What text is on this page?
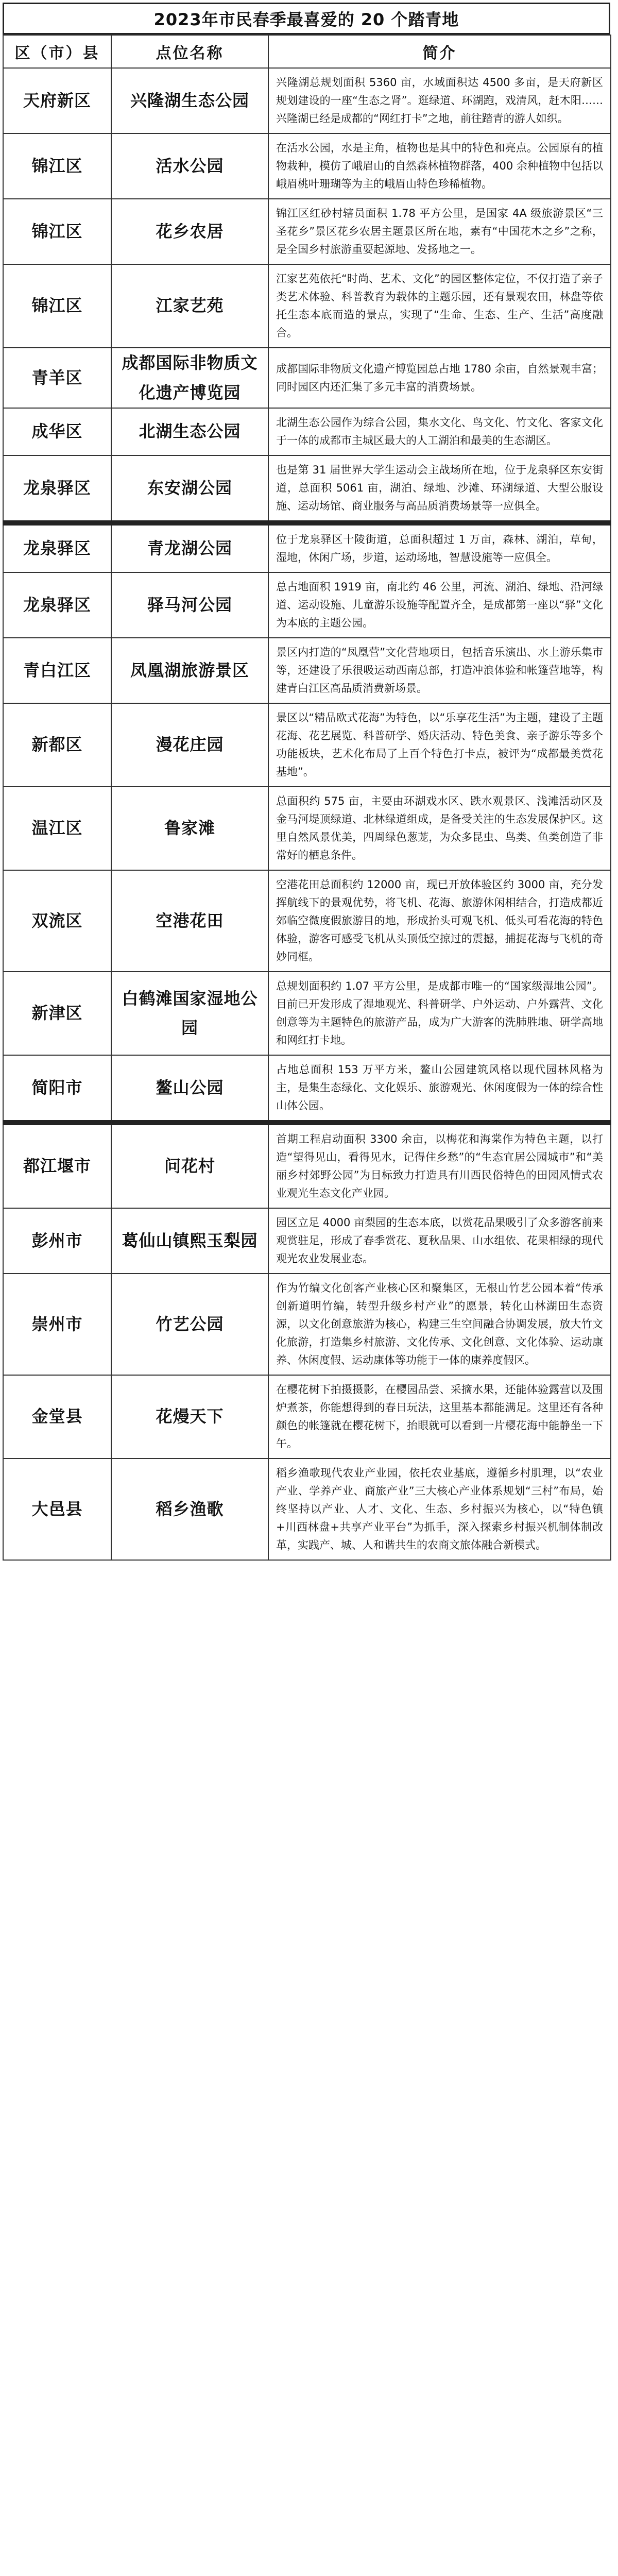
2023年市民春季最喜爱的 20 个踏青地
区（市）县	点位名称	简介
天府新区	兴隆湖生态公园	兴隆湖总规划面积 5360 亩，水域面积达 4500 多亩，是天府新区规划建设的一座“生态之肾”。逛绿道、环湖跑，戏清风，赶木阳……兴隆湖已经是成都的“网红打卡”之地，前往踏青的游人如织。
锦江区	活水公园	在活水公园，水是主角，植物也是其中的特色和亮点。公园原有的植物栽种，模仿了峨眉山的自然森林植物群落，400 余种植物中包括以峨眉桃叶珊瑚等为主的峨眉山特色珍稀植物。
锦江区	花乡农居	锦江区红砂村辖员面积 1.78 平方公里，是国家 4A 级旅游景区“三圣花乡”景区花乡农居主题景区所在地，素有“中国花木之乡”之称，是全国乡村旅游重要起源地、发扬地之一。
锦江区	江家艺苑	江家艺苑依托“时尚、艺术、文化”的园区整体定位，不仅打造了亲子类艺术体验、科普教育为载体的主题乐园，还有景观农田，林盘等依托生态本底而造的景点，实现了“生命、生态、生产、生活”高度融合。
青羊区	成都国际非物质文化遗产博览园	成都国际非物质文化遗产博览园总占地 1780 余亩，自然景观丰富；同时园区内还汇集了多元丰富的消费场景。
成华区	北湖生态公园	北湖生态公园作为综合公园，集水文化、鸟文化、竹文化、客家文化于一体的成都市主城区最大的人工湖泊和最美的生态湖区。
龙泉驿区	东安湖公园	也是第 31 届世界大学生运动会主战场所在地，位于龙泉驿区东安街道，总面积 5061 亩，湖泊、绿地、沙滩、环湖绿道、大型公服设施、运动场馆、商业服务与高品质消费场景等一应俱全。
龙泉驿区	青龙湖公园	位于龙泉驿区十陵街道，总面积超过 1 万亩，森林、湖泊，草甸，湿地，休闲广场，步道，运动场地，智慧设施等一应俱全。
龙泉驿区	驿马河公园	总占地面积 1919 亩，南北约 46 公里，河流、湖泊、绿地、沿河绿道、运动设施、儿童游乐设施等配置齐全，是成都第一座以“驿”文化为本底的主题公园。
青白江区	凤凰湖旅游景区	景区内打造的“凤凰营”文化营地项目，包括音乐演出、水上游乐集市等，还建设了乐很吸运动西南总部，打造冲浪体验和帐篷营地等，构建青白江区高品质消费新场景。
新都区	漫花庄园	景区以“精品欧式花海”为特色，以“乐享花生活”为主题，建设了主题花海、花艺展览、科普研学、婚庆活动、特色美食、亲子游乐等多个功能板块，艺术化布局了上百个特色打卡点，被评为“成都最美赏花基地”。
温江区	鲁家滩	总面积约 575 亩，主要由环湖戏水区、跌水观景区、浅滩活动区及金马河堤顶绿道、北林绿道组成，是备受关注的生态发展保护区。这里自然风景优美，四周绿色葱茏，为众多昆虫、鸟类、鱼类创造了非常好的栖息条件。
双流区	空港花田	空港花田总面积约 12000 亩，现已开放体验区约 3000 亩，充分发挥航线下的景观优势，将飞机、花海、旅游休闲相结合，打造成都近郊临空微度假旅游目的地，形成抬头可观飞机、低头可看花海的特色体验，游客可感受飞机从头顶低空掠过的震撼，捕捉花海与飞机的奇妙同框。
新津区	白鹤滩国家湿地公园	总规划面积约 1.07 平方公里，是成都市唯一的“国家级湿地公园”。目前已开发形成了湿地观光、科普研学、户外运动、户外露营、文化创意等为主题特色的旅游产品，成为广大游客的洗肺胜地、研学高地和网红打卡地。
简阳市	鳌山公园	占地总面积 153 万平方米，鳌山公园建筑风格以现代园林风格为主，是集生态绿化、文化娱乐、旅游观光、休闲度假为一体的综合性山体公园。
都江堰市	问花村	首期工程启动面积 3300 余亩，以梅花和海棠作为特色主题，以打造“望得见山，看得见水，记得住乡愁”的“生态宜居公园城市”和“美丽乡村郊野公园”为目标致力打造具有川西民俗特色的田园风情式农业观光生态文化产业园。
彭州市	葛仙山镇熙玉梨园	园区立足 4000 亩梨园的生态本底，以赏花品果吸引了众多游客前来观赏驻足，形成了春季赏花、夏秋品果、山水组依、花果相绿的现代观光农业发展业态。
崇州市	竹艺公园	作为竹编文化创客产业核心区和聚集区，无根山竹艺公园本着“传承创新道明竹编，转型升级乡村产业”的愿景，转化山林湖田生态资源，以文化创意旅游为核心，构建三生空间融合协调发展，放大竹文化旅游，打造集乡村旅游、文化传承、文化创意、文化体验、运动康养、休闲度假、运动康体等功能于一体的康养度假区。
金堂县	花熳天下	在樱花树下拍摄摄影，在樱园品尝、采摘水果，还能体验露营以及围炉煮茶，你能想得到的春日玩法，这里基本都能满足。这里还有各种颜色的帐篷就在樱花树下，抬眼就可以看到一片樱花海中能静坐一下午。
大邑县	稻乡渔歌	稻乡渔歌现代农业产业园，依托农业基底，遵循乡村肌理，以“农业产业、学养产业、商旅产业”三大核心产业体系规划“三村”布局，始终坚持以产业、人才、文化、生态、乡村振兴为核心，以“特色镇+川西林盘+共享产业平台”为抓手，深入探索乡村振兴机制体制改革，实践产、城、人和谐共生的农商文旅体融合新模式。
